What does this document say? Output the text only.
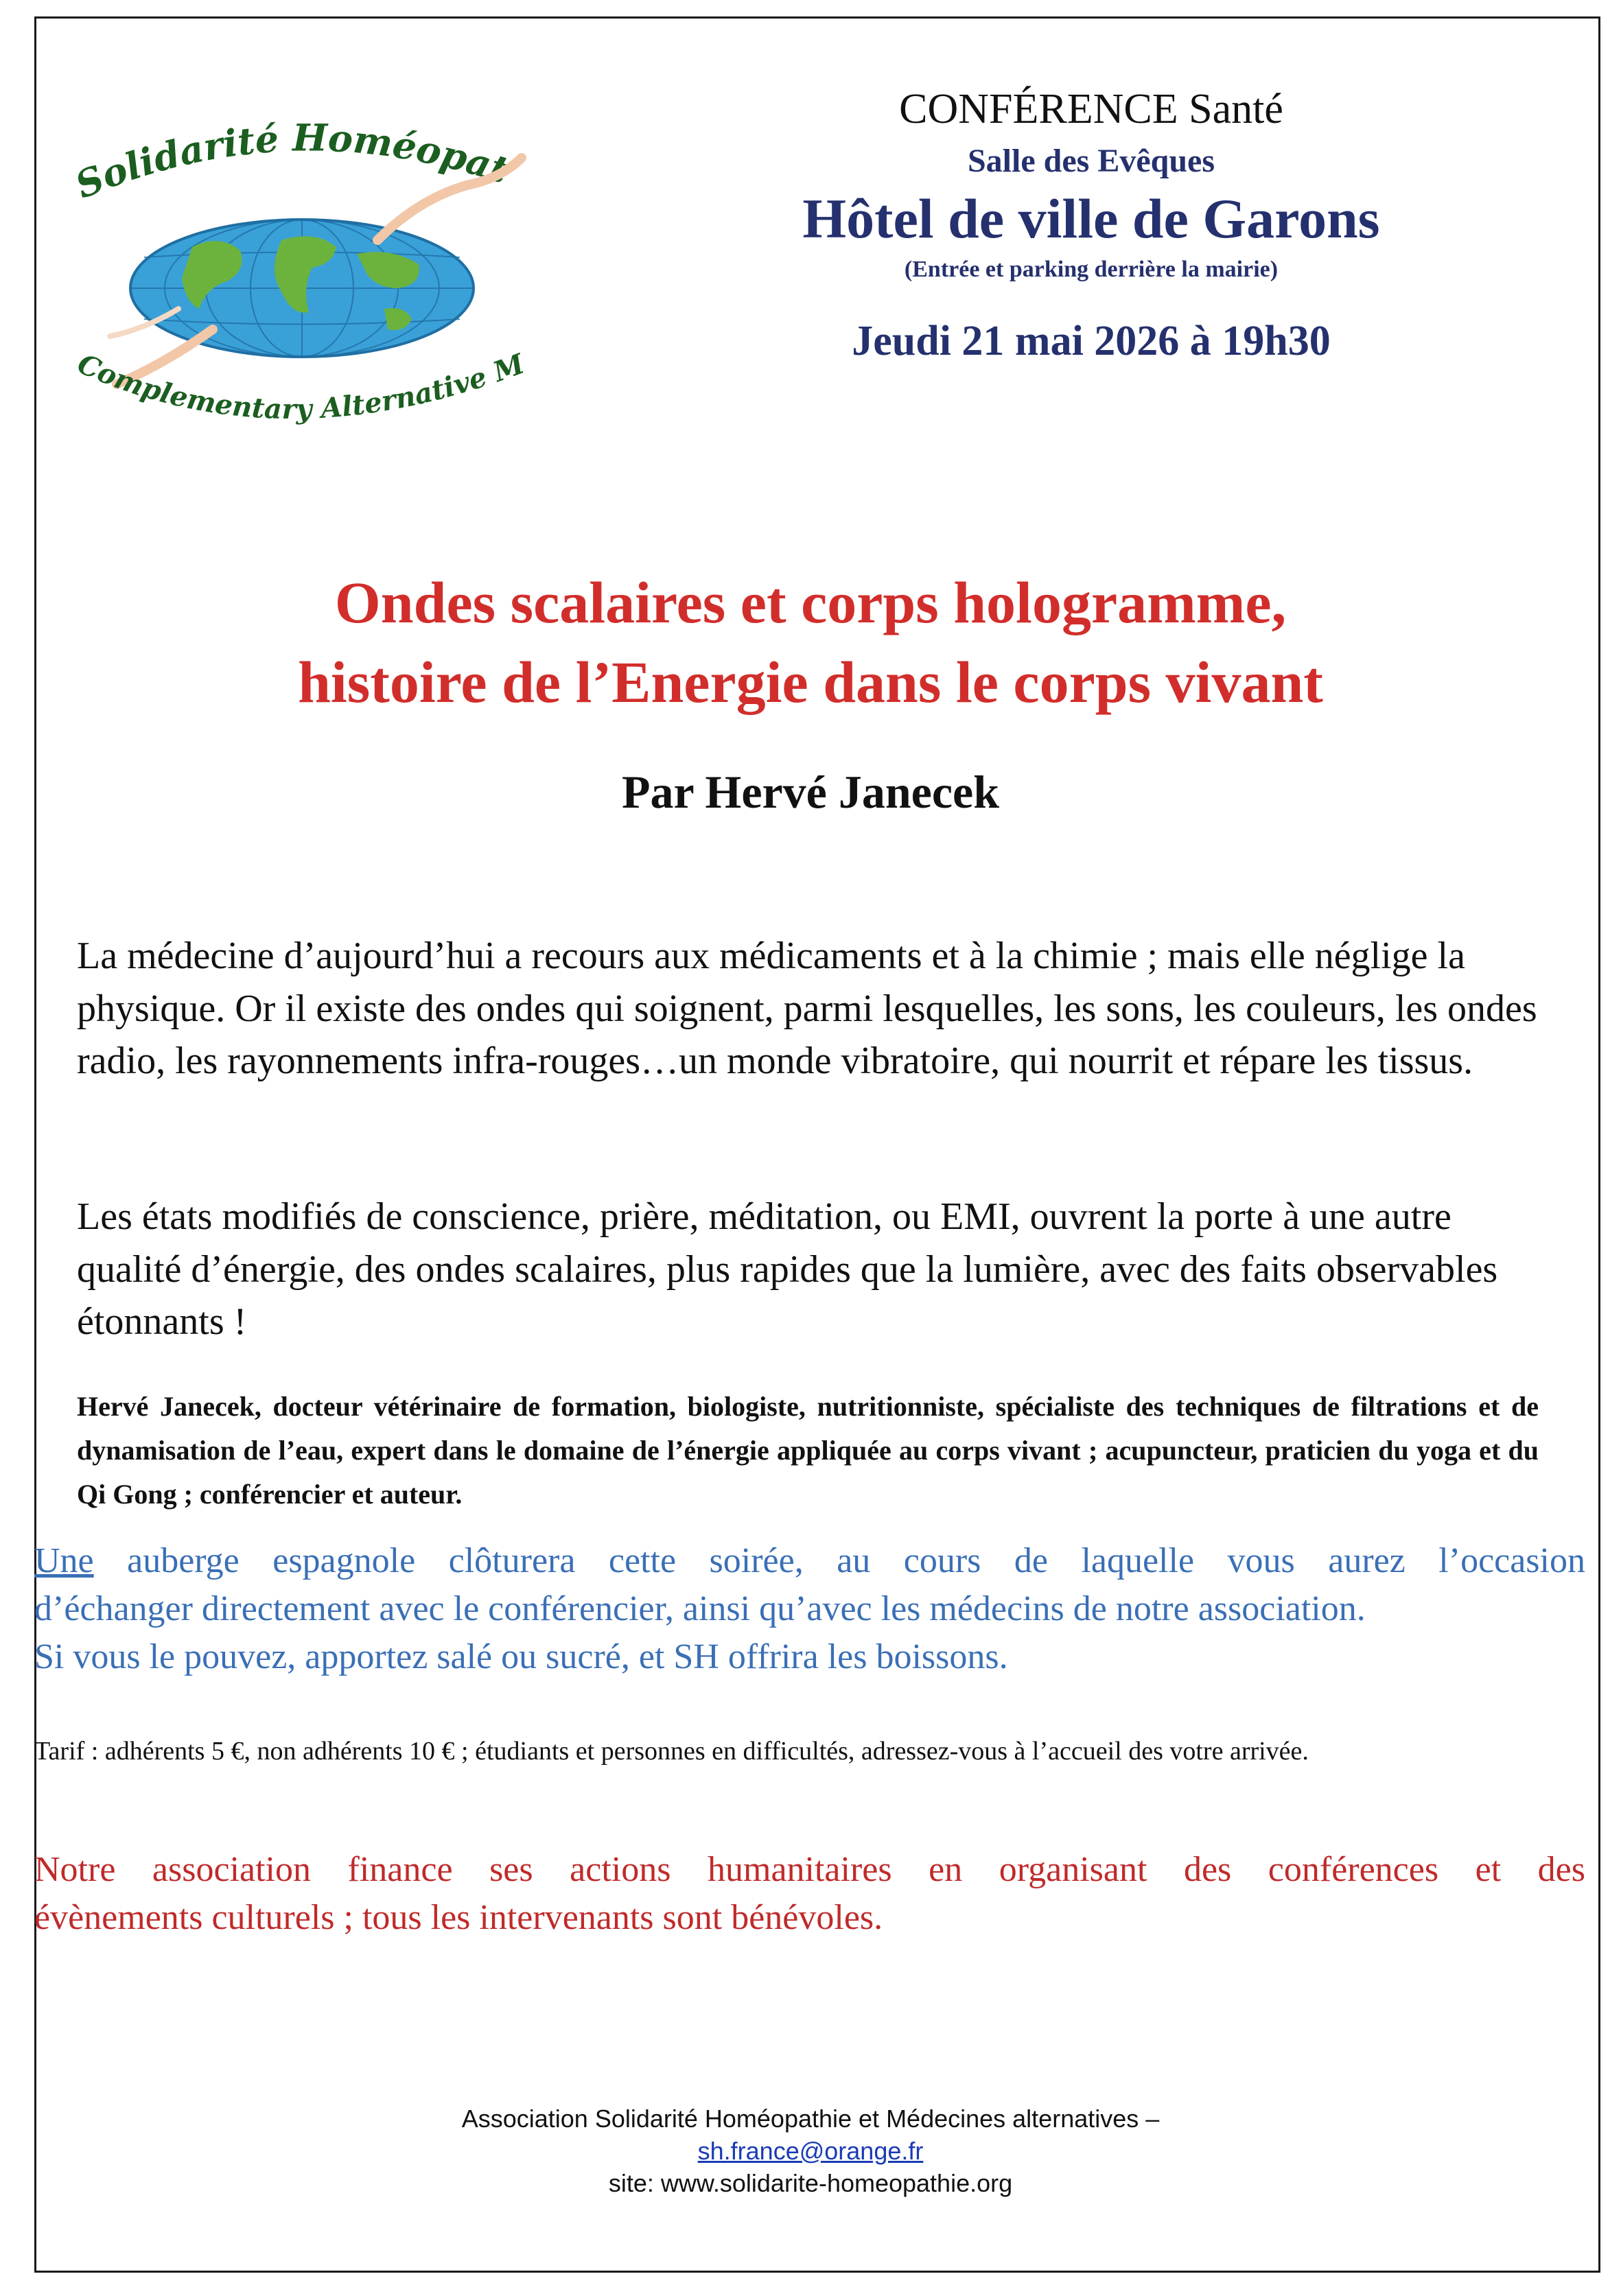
Solidarité Homéopat
Complementary Alternative M
CONFÉRENCE Santé
Salle des Evêques
Hôtel de ville de Garons
(Entrée et parking derrière la mairie)
Jeudi 21 mai 2026 à 19h30
Ondes scalaires et corps hologramme,
histoire de l’Energie dans le corps vivant
Par Hervé Janecek

La médecine d’aujourd’hui a recours aux médicaments et à la chimie ; mais elle néglige la physique. Or il existe des ondes qui soignent, parmi lesquelles, les sons, les couleurs, les ondes radio, les rayonnements infra-rouges…un monde vibratoire, qui nourrit et répare les tissus.

Les états modifiés de conscience, prière, méditation, ou EMI, ouvrent la porte à une autre qualité d’énergie, des ondes scalaires, plus rapides que la lumière, avec des faits observables étonnants !

Hervé Janecek, docteur vétérinaire de formation, biologiste, nutritionniste, spécialiste des techniques de filtrations et de dynamisation de l’eau, expert dans le domaine de l’énergie appliquée au corps vivant ; acupuncteur, praticien du yoga et du Qi Gong ; conférencier et auteur.

Une auberge espagnole clôturera cette soirée, au cours de laquelle vous aurez l’occasion
d’échanger directement avec le conférencier, ainsi qu’avec les médecins de notre association.
Si vous le pouvez, apportez salé ou sucré, et SH offrira les boissons.

Tarif : adhérents 5 €, non adhérents 10 € ; étudiants et personnes en difficultés, adressez-vous à l’accueil des votre arrivée.

Notre association finance ses actions humanitaires en organisant des conférences et des
évènements culturels ; tous les intervenants sont bénévoles.

Association Solidarité Homéopathie et Médecines alternatives –
sh.france@orange.fr
site: www.solidarite-homeopathie.org
